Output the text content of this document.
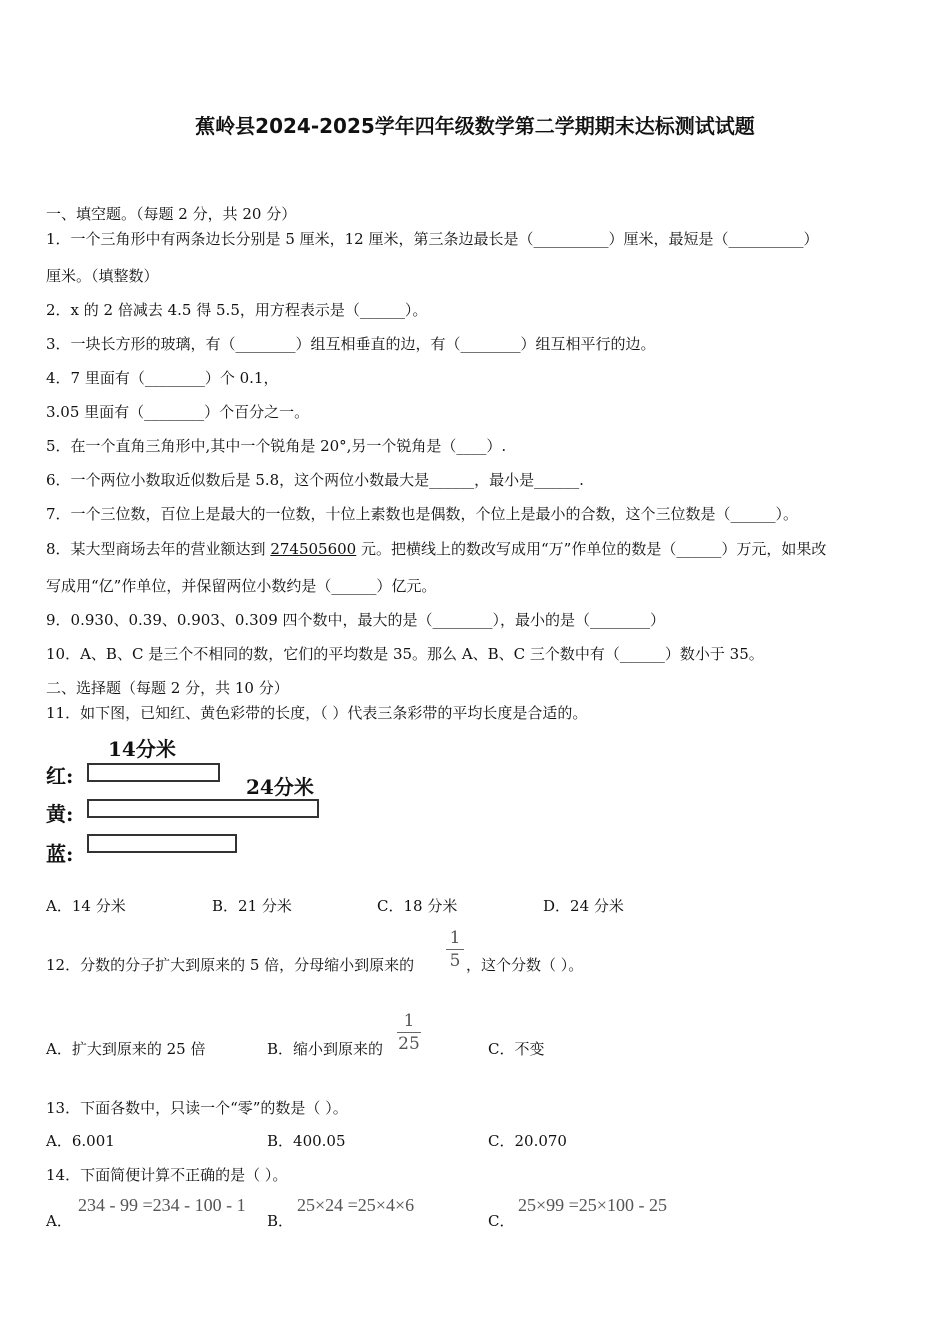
蕉岭县2024-2025学年四年级数学第二学期期末达标测试试题
一、填空题。（每题 2 分，共 20 分）
1．一个三角形中有两条边长分别是 5 厘米，12 厘米，第三条边最长是（__________）厘米，最短是（__________）
厘米。（填整数）
2．x 的 2 倍减去 4.5 得 5.5，用方程表示是（______）。
3．一块长方形的玻璃，有（________）组互相垂直的边，有（________）组互相平行的边。
4．7 里面有（________）个 0.1，
3.05 里面有（________）个百分之一。
5．在一个直角三角形中,其中一个锐角是 20°,另一个锐角是（____）.
6．一个两位小数取近似数后是 5.8，这个两位小数最大是______，最小是______.
7．一个三位数，百位上是最大的一位数，十位上素数也是偶数，个位上是最小的合数，这个三位数是（______）。
8．某大型商场去年的营业额达到 274505600 元。把横线上的数改写成用“万”作单位的数是（______）万元，如果改
写成用“亿”作单位，并保留两位小数约是（______）亿元。
9．0.930、0.39、0.903、0.309 四个数中，最大的是（________），最小的是（________）
10．A、B、C 是三个不相同的数，它们的平均数是 35。那么 A、B、C 三个数中有（______）数小于 35。
二、选择题（每题 2 分，共 10 分）
11．如下图，已知红、黄色彩带的长度，（ ）代表三条彩带的平均长度是合适的。
14分米
24分米
红:
黄:
蓝:
A．14 分米	B．21 分米	C．18 分米	D．24 分米
12．分数的分子扩大到原来的 5 倍，分母缩小到原来的
1
5 ，这个分数（ ）。
A．扩大到原来的 25 倍	B．缩小到原来的
1
25	C．不变
13．下面各数中，只读一个“零”的数是（ ）。
A．6.001	B．400.05	C．20.070
14．下面简便计算不正确的是（ ）。
A．
234 - 99 =234 - 100 - 1
B．
25×24 =25×4×6
C．
25×99 =25×100 - 25
